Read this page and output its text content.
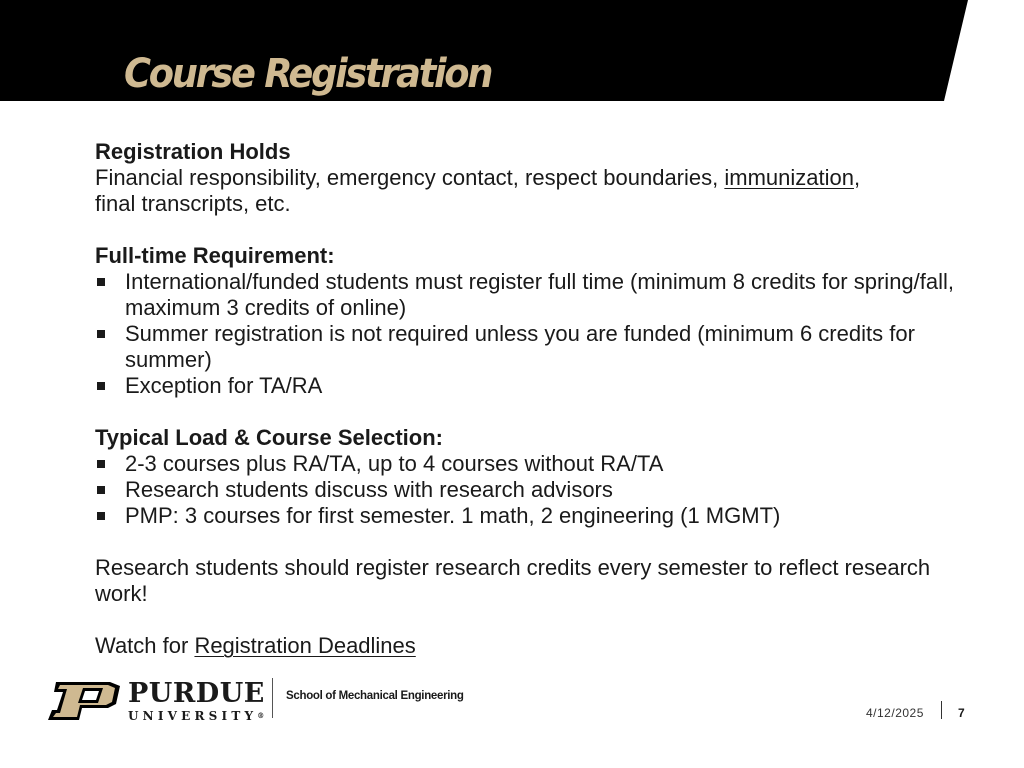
Course Registration

Registration Holds

Financial responsibility, emergency contact, respect boundaries, immunization,
final transcripts, etc.

Full-time Requirement:

International/funded students must register full time (minimum 8 credits for spring/fall, maximum 3 credits of online)
Summer registration is not required unless you are funded (minimum 6 credits for summer)
Exception for TA/RA

Typical Load & Course Selection:

2-3 courses plus RA/TA, up to 4 courses without RA/TA
Research students discuss with research advisors
PMP: 3 courses for first semester. 1 math, 2 engineering (1 MGMT)

Research students should register research credits every semester to reflect research work!

Watch for Registration Deadlines

PURDUE
UNIVERSITY®
School of Mechanical Engineering
4/12/2025	7
